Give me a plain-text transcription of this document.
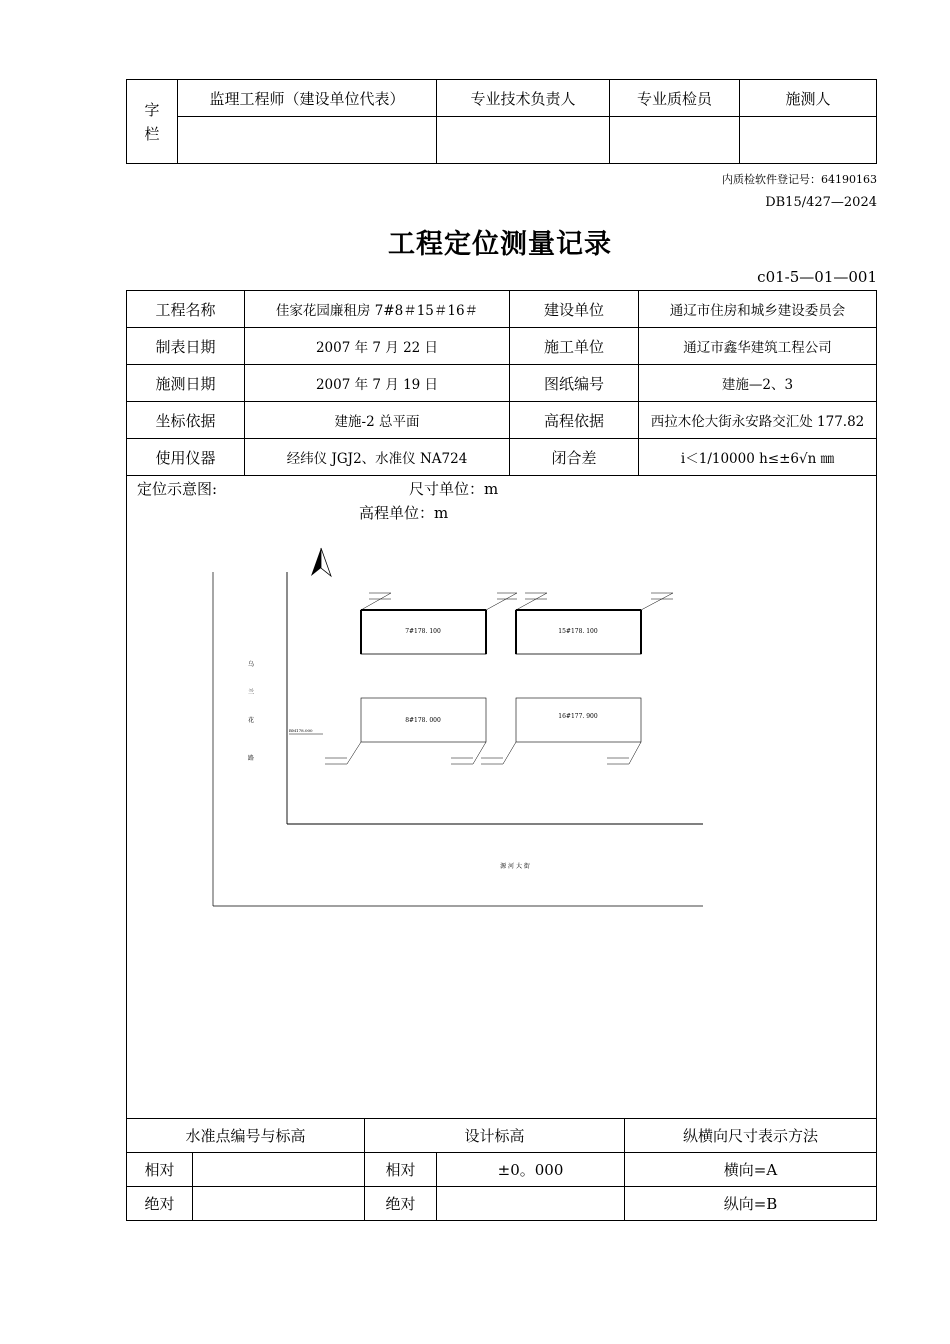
字
栏	监理工程师（建设单位代表）	专业技术负责人	专业质检员	施测人

内质检软件登记号：64190163
DB15/427—2024
工程定位测量记录
c01-5—01—001
工程名称	佳家花园廉租房 7#8＃15＃16＃	建设单位	通辽市住房和城乡建设委员会
制表日期	2007 年 7 月 22 日	施工单位	通辽市鑫华建筑工程公司
施测日期	2007 年 7 月 19 日	图纸编号	建施—2、3
坐标依据	建施-2 总平面	高程依据	西拉木伦大街永安路交汇处 177.82
使用仪器	经纬仪 JGJ2、水准仪 NA724	闭合差	i＜1/10000 h≤±6√n ㎜
定位示意图:	尺寸单位：m
高程单位：m
7#178. 100	15#178. 100
8#178. 000
16#177. 900
BM178.000
乌
兰
花
路
源 河 大 街
水准点编号与标高		设计标高		纵横向尺寸表示方法
相对		相对	±0。000	横向=A
绝对		绝对		纵向=B
